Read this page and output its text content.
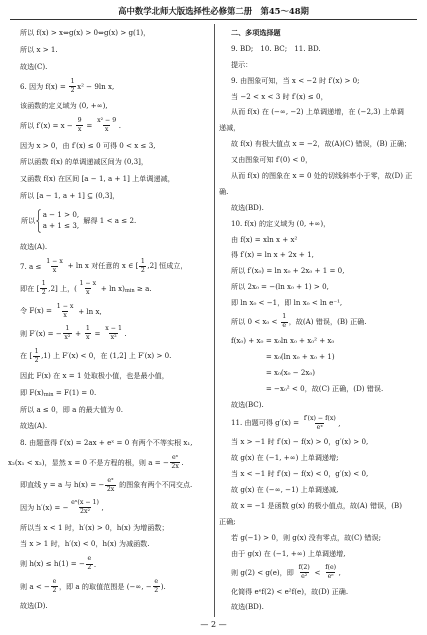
高中数学北师大版选择性必修第二册　第45～48期
所以 f(x) > x⇔g(x) > 0⇔g(x) > g(1)，
所以 x > 1.
故选(C).
6. 因为 $f(x) = \frac{1}{2} x^2 - 9\ln$ x,
该函数的定义域为 (0, +∞),
所以 $f'(x) = x - \frac{9}{x} = \frac{\text{x² − 9}}{x}$ .
因为 x > 0，由 f′(x) ≤ 0 可得 0 < x ≤ 3,
所以函数 f(x) 的单调递减区间为 (0,3]，
又函数 f(x) 在区间 [a − 1, a + 1] 上单调递减，
所以 [a − 1, a + 1] ⊆ (0,3]，
所以
a − 1 > 0,
a + 1 ≤ 3,
解得 1 < a ≤ 2.
故选(A).
7. $a \le \frac{1 - x}{x} + \ln x$ 对任意的 x ∈ [ $\frac{1}{2} ,2$] 恒成立，
即在 [ $\frac{1}{2} ,2$] 上，( $\frac{1 - x}{x} + \ln x$) min ≥ a.
令 $F(x) = \frac{1 - x}{x} + \ln x$,
则 F′(x) = − $\frac{1}{\text{x²}} + \frac{1}{x} = \frac{x - 1}{\text{x²}}$ .
在 [ $\frac{1}{2} ,1$) 上 F′(x) < 0，在 (1,2] 上 F′(x) > 0.
因此 F(x) 在 x = 1 处取极小值，也是最小值，
即 F(x) min = F(1) = 0.
所以 a ≤ 0，即 a 的最大值为 0.
故选(A).
8. 由题意得 f′(x) = 2ax + eˣ = 0 有两个不等实根 x₁,
x₂(x₁ < x₂)，显然 x = 0 不是方程的根，则 a = − $\frac{\text{eˣ}}{2x}$ .
即直线 y = a 与 h(x) = − $\frac{\text{eˣ}}{2x}$ 的图象有两个不同交点.
因为 h′(x) = − $\frac{\text{eˣ(x − 1)}}{\text{2x²}}$ ,
所以当 x < 1 时，h′(x) > 0，h(x) 为增函数；
当 x > 1 时，h′(x) < 0，h(x) 为减函数.
则 h(x) ≤ h(1) = − $\frac{e}{2}$ .
则 a < − $\frac{e}{2}$ ，即 a 的取值范围是 (−∞, − $\frac{e}{2}$ ).
故选(D).
二、多项选择题
9. BD;　10. BC;　11. BD.
提示：
9. 由图象可知，当 x < −2 时 f′(x) > 0;
当 −2 < x < 3 时 f′(x) ≤ 0，
从而 f(x) 在 (−∞, −2) 上单调递增，在 (−2,3) 上单调
递减，
故 f(x) 有极大值点 x = −2，故(A)(C) 错误，(B) 正确；
又由图象可知 f′(0) < 0，
从而 f(x) 的图象在 x = 0 处的切线斜率小于零，故(D) 正
确.
故选(BD).
10. f(x) 的定义域为 (0, +∞)，
由 f(x) = xln x + x²
得 f′(x) = ln x + 2x + 1,
所以 f′(x₀) = ln x₀ + 2x₀ + 1 = 0,
所以 2x₀ = −(ln x₀ + 1) > 0,
即 ln x₀ < −1，即 ln x₀ < ln e⁻¹,
所以 $0 < x_0 < \frac{1}{e}$ ，故(A) 错误，(B) 正确.
f(x₀) + x₀ = x₀ln x₀ + x₀² + x₀
= x₀(ln x₀ + x₀ + 1)
= x₀(x₀ − 2x₀)
= −x₀² < 0，故(C) 正确，(D) 错误.
故选(BC).
11. 由题可得 $g'(x) = \frac{f'(x) - f(x)}{\text{eˣ}}$ ,
当 x > −1 时 f′(x) − f(x) > 0，g′(x) > 0,
故 g(x) 在 (−1, +∞) 上单调递增;
当 x < −1 时 f′(x) − f(x) < 0，g′(x) < 0,
故 g(x) 在 (−∞, −1) 上单调递减,
故 x = −1 是函数 g(x) 的极小值点，故(A) 错误，(B)
正确;
若 g(−1) > 0，则 g(x) 没有零点，故(C) 错误;
由于 g(x) 在 (−1, +∞) 上单调递增,
则 g(2) < g(e)，即 $\frac{f(2)}{\text{e²}} < \frac{f(e)}{\text{eᵉ}}$ ,
化简得 eᵉf(2) < e²f(e)，故(D) 正确.
故选(BD).
— 2 —
